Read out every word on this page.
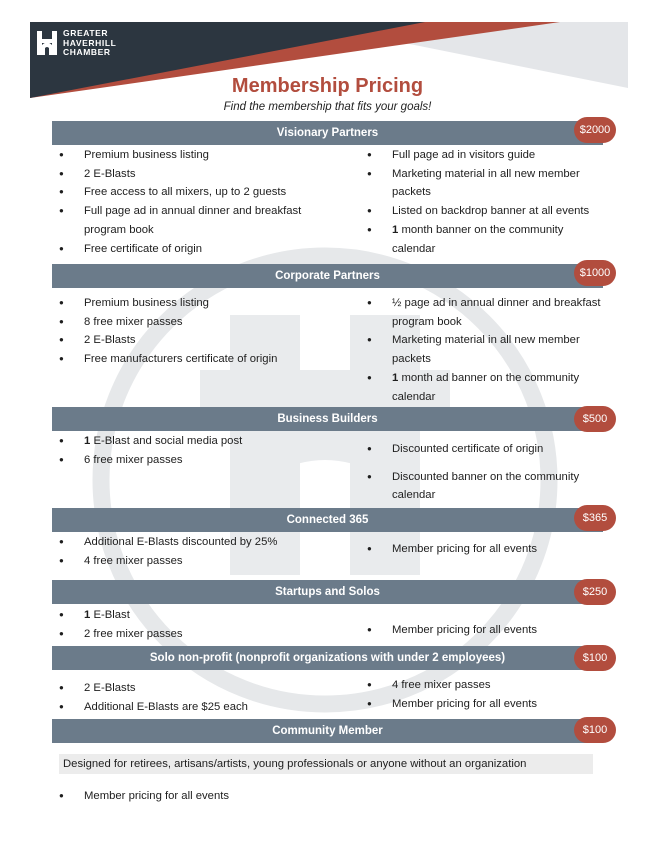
GREATER
HAVERHILL
CHAMBER
Membership Pricing
Find the membership that fits your goals!
Visionary Partners	$2000
● Premium business listing
● 2 E-Blasts
● Free access to all mixers, up to 2 guests
● Full page ad in annual dinner and breakfast program book
● Free certificate of origin
● Full page ad in visitors guide
● Marketing material in all new member packets
● Listed on backdrop banner at all events
● 1 month banner on the community calendar
Corporate Partners	$1000
● Premium business listing
● 8 free mixer passes
● 2 E-Blasts
● Free manufacturers certificate of origin
● ½ page ad in annual dinner and breakfast program book
● Marketing material in all new member packets
● 1 month ad banner on the community calendar
Business Builders	$500
● 1 E-Blast and social media post
● 6 free mixer passes
● Discounted certificate of origin
● Discounted banner on the community calendar
Connected 365	$365
● Additional E-Blasts discounted by 25%
● 4 free mixer passes
● Member pricing for all events
Startups and Solos	$250
● 1 E-Blast
● 2 free mixer passes
●	Member pricing for all events
Solo non-profit (nonprofit organizations with under 2 employees)	$100
● 2 E-Blasts
● Additional E-Blasts are $25 each
● 4 free mixer passes
● Member pricing for all events
Community Member	$100
Designed for retirees, artisans/artists, young professionals or anyone without an organization
● Member pricing for all events
